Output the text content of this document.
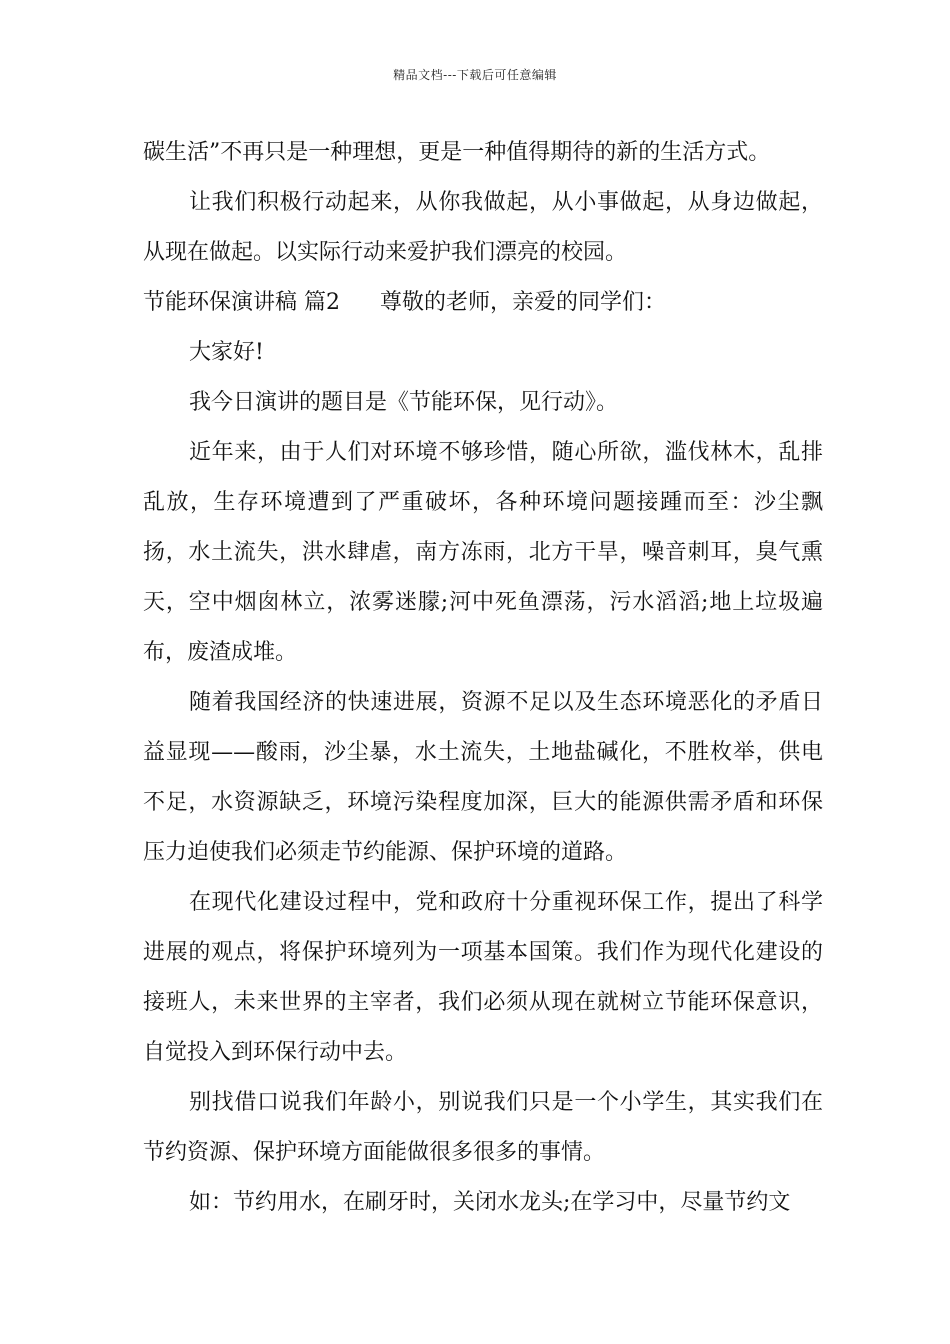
精品文档---下载后可任意编辑

碳生活”不再只是一种理想，更是一种值得期待的新的生活方式。

让我们积极行动起来，从你我做起，从小事做起，从身边做起，从现在做起。以实际行动来爱护我们漂亮的校园。

节能环保演讲稿 篇2 尊敬的老师，亲爱的同学们：

大家好!

我今日演讲的题目是《节能环保，见行动》。

近年来，由于人们对环境不够珍惜，随心所欲，滥伐林木，乱排乱放，生存环境遭到了严重破坏，各种环境问题接踵而至：沙尘飘扬，水土流失，洪水肆虐，南方冻雨，北方干旱，噪音刺耳，臭气熏天，空中烟囱林立，浓雾迷朦;河中死鱼漂荡，污水滔滔;地上垃圾遍布，废渣成堆。

随着我国经济的快速进展，资源不足以及生态环境恶化的矛盾日益显现——酸雨，沙尘暴，水土流失，土地盐碱化，不胜枚举，供电不足，水资源缺乏，环境污染程度加深，巨大的能源供需矛盾和环保压力迫使我们必须走节约能源、保护环境的道路。

在现代化建设过程中，党和政府十分重视环保工作，提出了科学进展的观点，将保护环境列为一项基本国策。我们作为现代化建设的接班人，未来世界的主宰者，我们必须从现在就树立节能环保意识，自觉投入到环保行动中去。

别找借口说我们年龄小，别说我们只是一个小学生，其实我们在节约资源、保护环境方面能做很多很多的事情。

如：节约用水，在刷牙时，关闭水龙头;在学习中，尽量节约文
